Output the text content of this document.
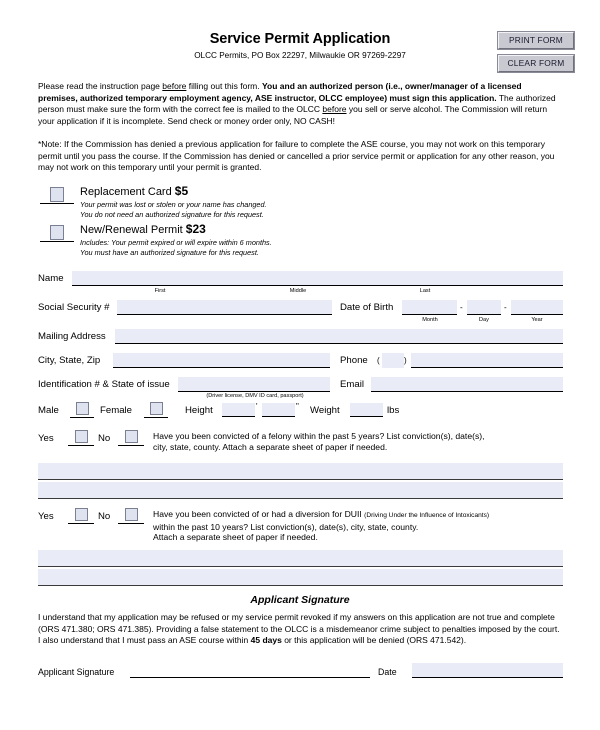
Service Permit Application
OLCC Permits, PO Box 22297, Milwaukie OR 97269-2297
PRINT FORM
CLEAR FORM
Please read the instruction page before filling out this form. You and an authorized person (i.e., owner/manager of a licensed premises, authorized temporary employment agency, ASE instructor, OLCC employee) must sign this application. The authorized person must make sure the form with the correct fee is mailed to the OLCC before you sell or serve alcohol. The Commission will return your application if it is incomplete. Send check or money order only, NO CASH!
*Note: If the Commission has denied a previous application for failure to complete the ASE course, you may not work on this temporary permit until you pass the course. If the Commission has denied or cancelled a prior service permit or application for any other reason, you may not work on this temporary until your permit is granted.
Replacement Card $5
Your permit was lost or stolen or your name has changed.
You do not need an authorized signature for this request.
New/Renewal Permit $23
Includes: Your permit expired or will expire within 6 months.
You must have an authorized signature for this request.
Name
First	Middle	Last
Social Security #	Date of Birth	-	-
Month	Day	Year
Mailing Address
City, State, Zip	Phone (	)
Identification # & State of issue
(Driver license, DMV ID card, passport)
Email
Male	Female	Height	'	" Weight	lbs
Yes	No	Have you been convicted of a felony within the past 5 years? List conviction(s), date(s),
city, state, county. Attach a separate sheet of paper if needed.
Yes	No	Have you been convicted of or had a diversion for DUII (Driving Under the Influence of Intoxicants)
within the past 10 years? List conviction(s), date(s), city, state, county.
Attach a separate sheet of paper if needed.
Applicant Signature
I understand that my application may be refused or my service permit revoked if my answers on this application are not true and complete (ORS 471.380; ORS 471.385). Providing a false statement to the OLCC is a misdemeanor crime subject to penalties imposed by the court. I also understand that I must pass an ASE course within 45 days or this application will be denied (ORS 471.542).
Applicant Signature	Date
